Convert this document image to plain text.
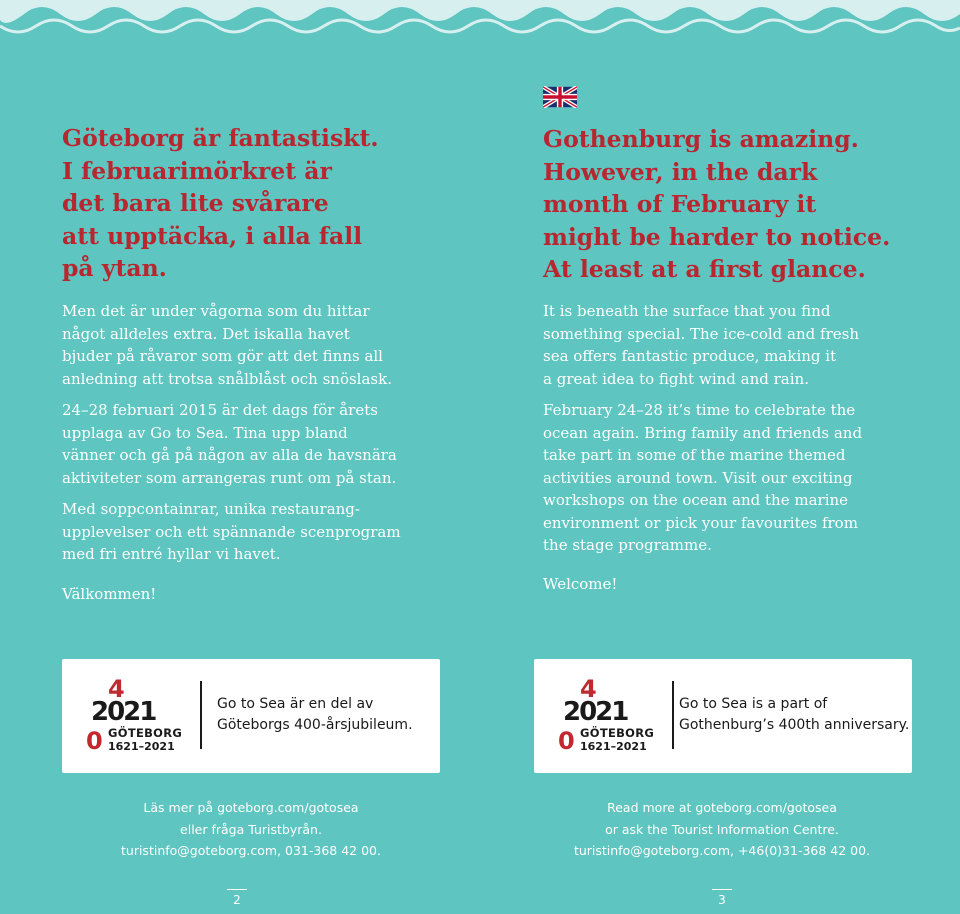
Göteborg är fantastiskt.
I februarimörkret är
det bara lite svårare
att upptäcka, i alla fall
på ytan.
Men det är under vågorna som du hittar
något alldeles extra. Det iskalla havet
bjuder på råvaror som gör att det finns all
anledning att trotsa snålblåst och snöslask.
24–28 februari 2015 är det dags för årets
upplaga av Go to Sea. Tina upp bland
vänner och gå på någon av alla de havsnära
aktiviteter som arrangeras runt om på stan.
Med soppcontainrar, unika restaurang-
upplevelser och ett spännande scenprogram
med fri entré hyllar vi havet.
Välkommen!
Gothenburg is amazing.
However, in the dark
month of February it
might be harder to notice.
At least at a first glance.
It is beneath the surface that you find
something special. The ice-cold and fresh
sea offers fantastic produce, making it
a great idea to fight wind and rain.
February 24–28 it’s time to celebrate the
ocean again. Bring family and friends and
take part in some of the marine themed
activities around town. Visit our exciting
workshops on the ocean and the marine
environment or pick your favourites from
the stage programme.
Welcome!
4
2021
0 GÖTEBORG
1621–2021
Go to Sea är en del av
Göteborgs 400-årsjubileum.
4
2021
0 GÖTEBORG
1621–2021
Go to Sea is a part of
Gothenburg’s 400th anniversary.
Läs mer på goteborg.com/gotosea
eller fråga Turistbyrån.
turistinfo@goteborg.com, 031-368 42 00.
Read more at goteborg.com/gotosea
or ask the Tourist Information Centre.
turistinfo@goteborg.com, +46(0)31-368 42 00.
2	3
